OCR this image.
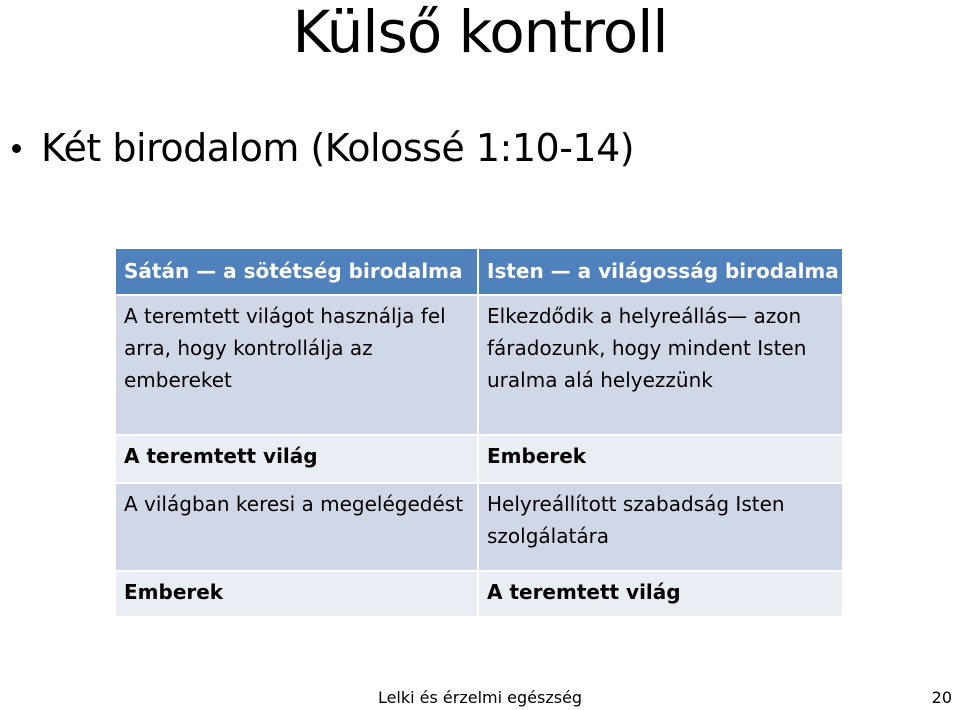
Külső kontroll
Két birodalom (Kolossé 1:10-14)
Sátán — a sötétség birodalma	Isten — a világosság birodalma
A teremtett világot használja fel arra, hogy kontrollálja az embereket	Elkezdődik a helyreállás— azon fáradozunk, hogy mindent Isten uralma alá helyezzünk
A teremtett világ	Emberek
A világban keresi a megelégedést	Helyreállított szabadság Isten szolgálatára
Emberek	A teremtett világ
Lelki és érzelmi egészség	20
